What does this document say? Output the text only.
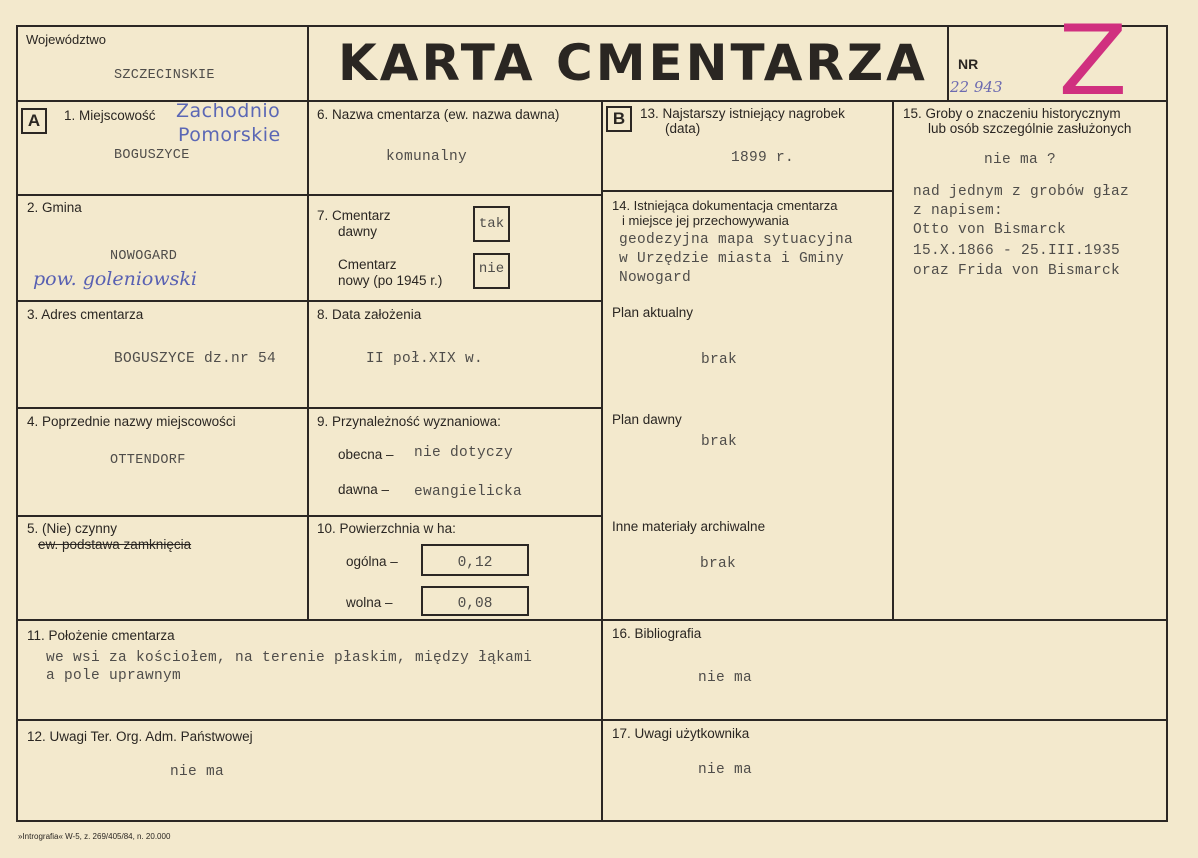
Województwo
SZCZECINSKIE KARTA CMENTARZA NR
22 943 Z
Zachodnio
Pomorskie
A	B
1. Miejscowość
BOGUSZYCE
2. Gmina
NOWOGARD
pow. goleniowski
3. Adres cmentarza
BOGUSZYCE dz.nr 54
4. Poprzednie nazwy miejscowości
OTTENDORF
5. (Nie) czynny
ew. podstawa zamknięcia
6. Nazwa cmentarza (ew. nazwa dawna)
komunalny
7. Cmentarz
dawny	tak
Cmentarz
nowy (po 1945 r.)
nie
8. Data założenia
II poł.XIX w.
9. Przynależność wyznaniowa:
obecna – nie dotyczy
dawna – ewangielicka
10. Powierzchnia w ha:
ogólna –	0,12
wolna –	0,08
13. Najstarszy istniejący nagrobek
(data)
1899 r.
14. Istniejąca dokumentacja cmentarza
i miejsce jej przechowywania
geodezyjna mapa sytuacyjna
w Urzędzie miasta i Gminy
Nowogard
Plan aktualny
brak
Plan dawny
brak
Inne materiały archiwalne
brak
15. Groby o znaczeniu historycznym
lub osób szczególnie zasłużonych
nie ma ?
nad jednym z grobów głaz
z napisem:
Otto von Bismarck
15.X.1866 - 25.III.1935
oraz Frida von Bismarck
11. Położenie cmentarza
we wsi za kościołem, na terenie płaskim, między łąkami
a pole uprawnym
16. Bibliografia
nie ma
12. Uwagi Ter. Org. Adm. Państwowej
nie ma
17. Uwagi użytkownika
nie ma
»Intrografia« W-5, z. 269/405/84, n. 20.000
